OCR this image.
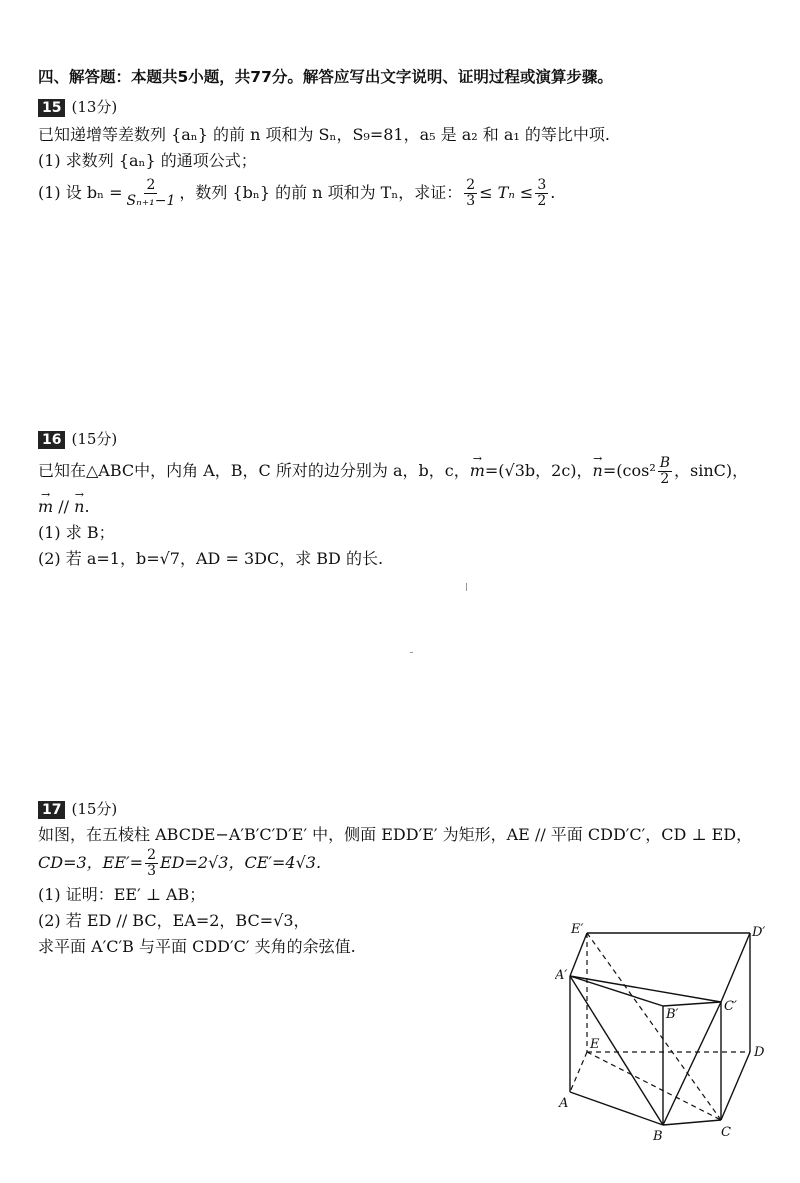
四、解答题：本题共5小题，共77分。解答应写出文字说明、证明过程或演算步骤。
15 (13分)
已知递增等差数列 {aₙ} 的前 n 项和为 Sₙ，S₉=81，a₅ 是 a₂ 和 a₁ 的等比中项.
(1) 求数列 {aₙ} 的通项公式；
(1) 设 $b_n = \frac{2}{\text{Sₙ₊₁−1}}$ ，数列 {bₙ} 的前 n 项和为 Tₙ，求证： $\frac{2}{3} \le T_n \le \frac{3}{2}$ .
16 (15分)
已知在△ABC中，内角 A，B，C 所对的边分别为 a，b，c， → m =(√3b，2c)， → $n =(\cos^2 \frac{B}{2}$ ，sinC)，
→ m // → n.
(1) 求 B；
(2) 若 a=1，b=√7，AD = 3DC，求 BD 的长.
17 (15分)
如图，在五棱柱 ABCDE−A′B′C′D′E′ 中，侧面 EDD′E′ 为矩形，AE // 平面 CDD′C′，CD ⊥ ED，
CD=3，$EE'= \frac{2}{3} ED=2√3$，CE′=4√3.
(1) 证明：EE′ ⊥ AB；
(2) 若 ED // BC，EA=2，BC=√3，
求平面 A′C′B 与平面 CDD′C′ 夹角的余弦值.
E′	D′
A′
C′
B′
E
D
A
B	C
